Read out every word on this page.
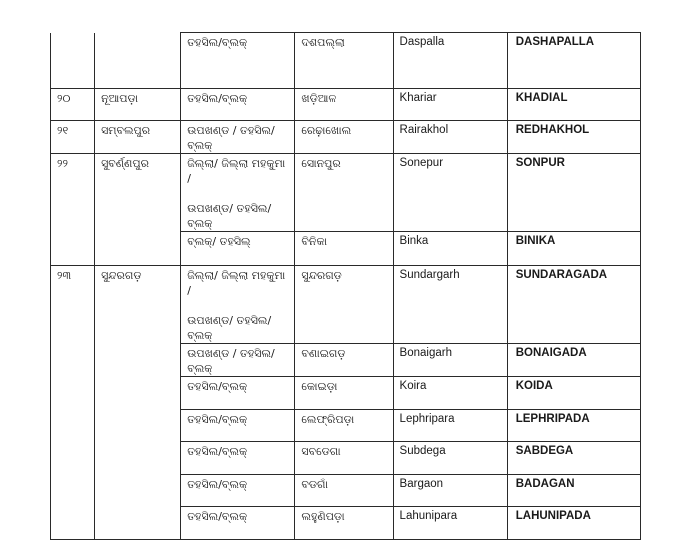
		ତହସିଲ/ବ୍ଲକ୍	ଦଶପଲ୍ଲା	Daspalla	DASHAPALLA

୨୦	ନୂଆପଡ଼ା	ତହସିଲ/ବ୍ଲକ୍	ଖଡ଼ିଆଳ	Khariar	KHADIAL

୨୧	ସମ୍ବଲପୁର	ଉପଖଣ୍ଡ / ତହସିଲ/ବ୍ଲକ୍	ରେଢ଼ାଖୋଲ	Rairakhol	REDHAKHOL

୨୨	ସୁବର୍ଣ୍ଣପୁର	ଜିଲ୍ଲା/ ଜିଲ୍ଲା ମହକୁମା /
ଉପଖଣ୍ଡ/ ତହସିଲ/ବ୍ଲକ୍	ସୋନପୁର	Sonepur	SONPUR

		ବ୍ଲକ୍/ ତହସିଲ୍	ବିନିକା	Binka	BINIKA

୨୩	ସୁନ୍ଦରଗଡ଼	ଜିଲ୍ଲା/ ଜିଲ୍ଲା ମହକୁମା /
ଉପଖଣ୍ଡ/ ତହସିଲ/ବ୍ଲକ୍	ସୁନ୍ଦରଗଡ଼	Sundargarh	SUNDARAGADA

		ଉପଖଣ୍ଡ / ତହସିଲ/ବ୍ଲକ୍	ବଣାଇଗଡ଼	Bonaigarh	BONAIGADA

		ତହସିଲ/ବ୍ଲକ୍	କୋଇଡ଼ା	Koira	KOIDA

		ତହସିଲ/ବ୍ଲକ୍	ଲେଫ୍ରିପଡ଼ା	Lephripara	LEPHRIPADA

		ତହସିଲ/ବ୍ଲକ୍	ସବଡେଗା	Subdega	SABDEGA

		ତହସିଲ/ବ୍ଲକ୍	ବଡଗାଁ	Bargaon	BADAGAN

		ତହସିଲ/ବ୍ଲକ୍	ଲହୁଣିପଡ଼ା	Lahunipara	LAHUNIPADA
